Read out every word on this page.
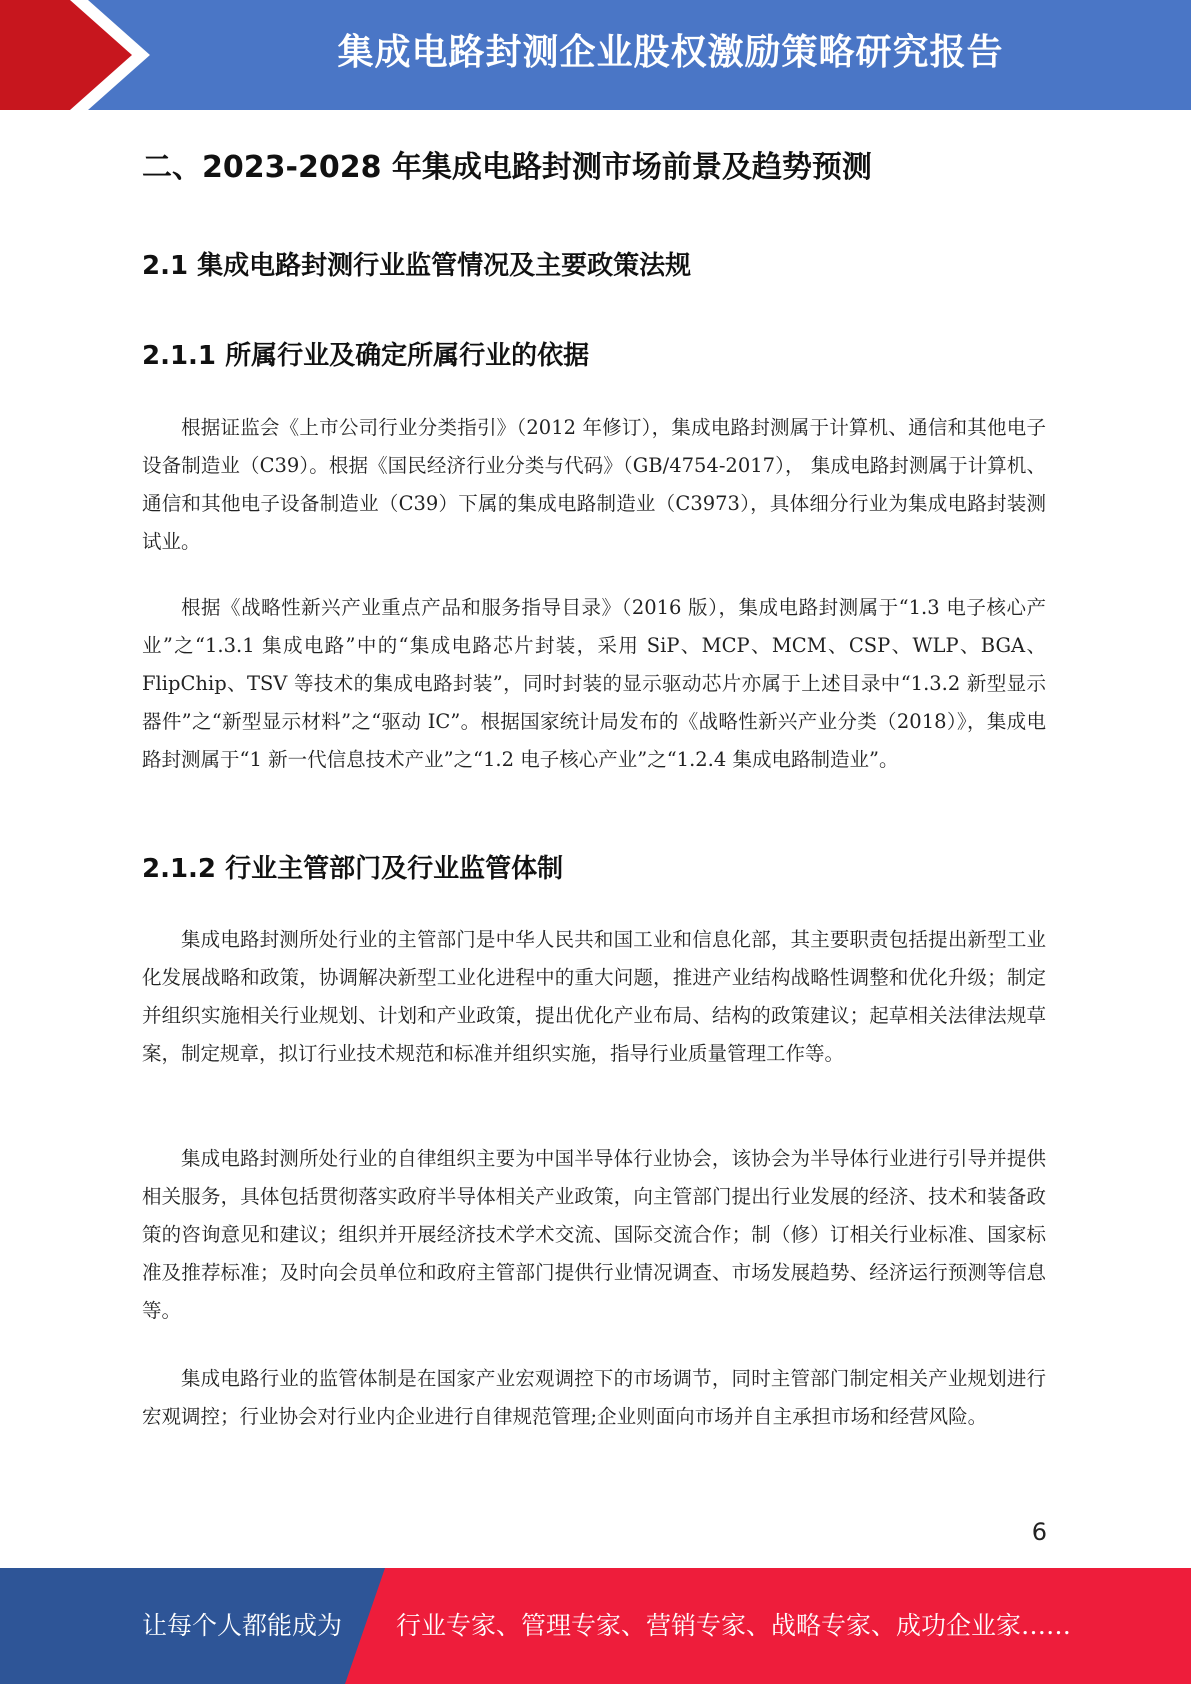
集成电路封测企业股权激励策略研究报告
二、2023-2028 年集成电路封测市场前景及趋势预测
2.1 集成电路封测行业监管情况及主要政策法规
2.1.1 所属行业及确定所属行业的依据

根据证监会《上市公司行业分类指引》（2012 年修订），集成电路封测属于计算机、通信和其他电子设备制造业（C39）。根据《国民经济行业分类与代码》（GB/4754-2017）， 集成电路封测属于计算机、通信和其他电子设备制造业（C39）下属的集成电路制造业（C3973），具体细分行业为集成电路封装测试业。

根据《战略性新兴产业重点产品和服务指导目录》（2016 版），集成电路封测属于“1.3 电子核心产业”之“1.3.1 集成电路”中的“集成电路芯片封装，采用 SiP、MCP、MCM、CSP、WLP、BGA、FlipChip、TSV 等技术的集成电路封装”，同时封装的显示驱动芯片亦属于上述目录中“1.3.2 新型显示器件”之“新型显示材料”之“驱动 IC”。根据国家统计局发布的《战略性新兴产业分类（2018）》，集成电路封测属于“1 新一代信息技术产业”之“1.2 电子核心产业”之“1.2.4 集成电路制造业”。

2.1.2 行业主管部门及行业监管体制

集成电路封测所处行业的主管部门是中华人民共和国工业和信息化部，其主要职责包括提出新型工业化发展战略和政策，协调解决新型工业化进程中的重大问题，推进产业结构战略性调整和优化升级；制定并组织实施相关行业规划、计划和产业政策，提出优化产业布局、结构的政策建议；起草相关法律法规草案，制定规章，拟订行业技术规范和标准并组织实施，指导行业质量管理工作等。

集成电路封测所处行业的自律组织主要为中国半导体行业协会，该协会为半导体行业进行引导并提供相关服务，具体包括贯彻落实政府半导体相关产业政策，向主管部门提出行业发展的经济、技术和装备政策的咨询意见和建议；组织并开展经济技术学术交流、国际交流合作；制（修）订相关行业标准、国家标准及推荐标准；及时向会员单位和政府主管部门提供行业情况调查、市场发展趋势、经济运行预测等信息等。

集成电路行业的监管体制是在国家产业宏观调控下的市场调节，同时主管部门制定相关产业规划进行宏观调控；行业协会对行业内企业进行自律规范管理;企业则面向市场并自主承担市场和经营风险。

6
让每个人都能成为 行业专家、管理专家、营销专家、战略专家、成功企业家……
